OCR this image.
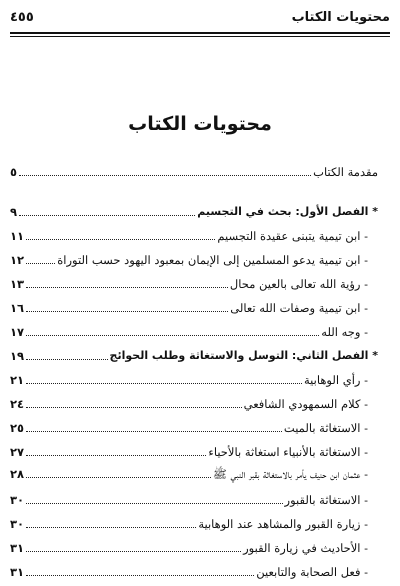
محتويات الكتاب
٤٥٥
محتويات الكتاب
مقدمة الكتاب
٥
* الفصل الأول: بحث في التجسيم
٩
- ابن تيمية يتبنى عقيدة التجسيم
١١
- ابن تيمية يدعو المسلمين إلى الإيمان بمعبود اليهود حسب التوراة
١٢
- رؤية الله تعالى بالعين محال
١٣
- ابن تيمية وصفات الله تعالى
١٦
- وجه الله
١٧
* الفصل الثاني: التوسل والاستغاثة وطلب الحوائج
١٩
- رأي الوهابية
٢١
- كلام السمهودي الشافعي
٢٤
- الاستغاثة بالميت
٢٥
- الاستغاثة بالأنبياء استغاثة بالأحياء
٢٧
- عثمان ابن حنيف يأمر بالاستغاثة بقبر النبي ﷺ
٢٨
- الاستغاثة بالقبور
٣٠
- زيارة القبور والمشاهد عند الوهابية
٣٠
- الأحاديث في زيارة القبور
٣١
- فعل الصحابة والتابعين
٣١
